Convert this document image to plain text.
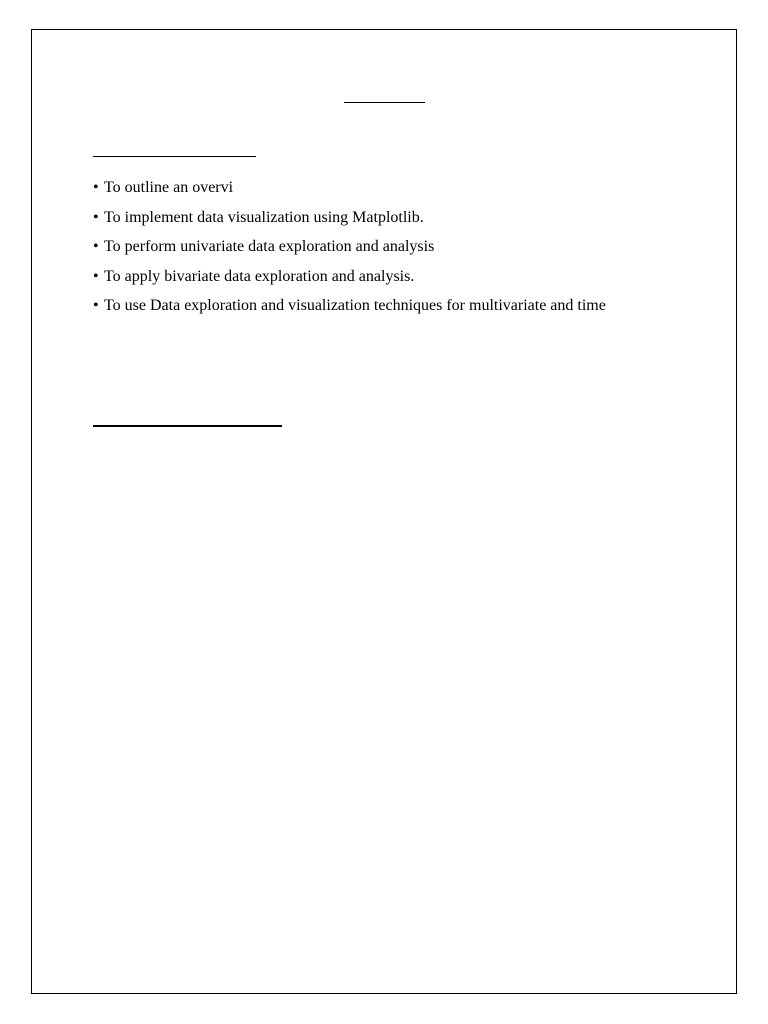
• To outline an overvi
• To implement data visualization using Matplotlib.
• To perform univariate data exploration and analysis
• To apply bivariate data exploration and analysis.
• To use Data exploration and visualization techniques for multivariate and time
